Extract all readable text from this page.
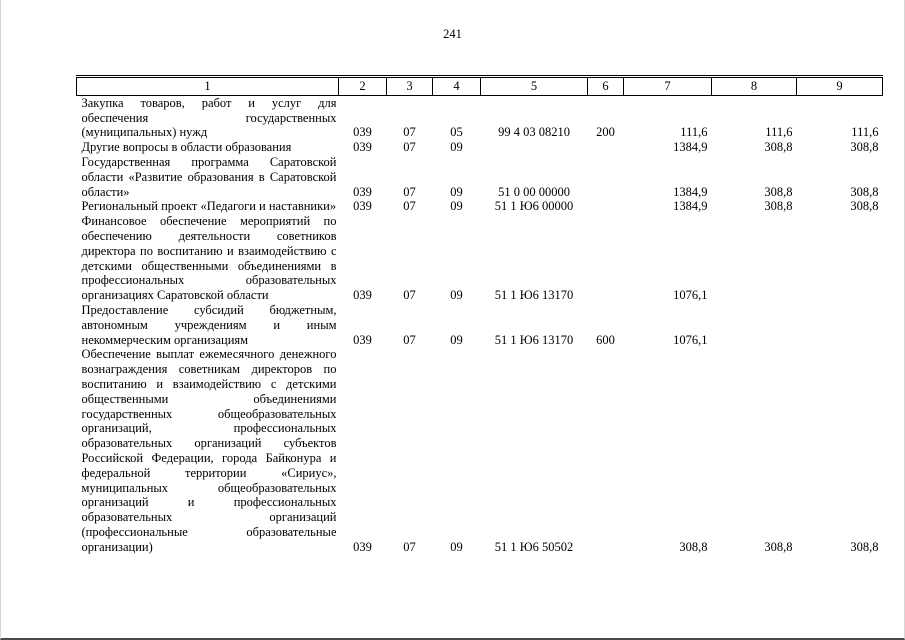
241
1	2	3	4	5	6	7	8	9
Закупка товаров, работ и услуг для обеспечения государственных (муниципальных) нужд	039	07	05	99 4 03 08210	200	111,6	111,6	111,6
Другие вопросы в области образования	039	07	09			1384,9	308,8	308,8
Государственная программа Саратовской области «Развитие образования в Саратовской области»	039	07	09	51 0 00 00000		1384,9	308,8	308,8
Региональный проект «Педагоги и наставники»	039	07	09	51 1 Ю6 00000		1384,9	308,8	308,8
Финансовое обеспечение мероприятий по обеспечению деятельности советников директора по воспитанию и взаимодействию с детскими общественными объединениями в профессиональных образовательных организациях Саратовской области	039	07	09	51 1 Ю6 13170		1076,1		
Предоставление субсидий бюджетным, автономным учреждениям и иным некоммерческим организациям	039	07	09	51 1 Ю6 13170	600	1076,1		
Обеспечение выплат ежемесячного денежного вознаграждения советникам директоров по воспитанию и взаимодействию с детскими общественными объединениями государственных общеобразовательных организаций, профессиональных образовательных организаций субъектов Российской Федерации, города Байконура и федеральной территории «Сириус», муниципальных общеобразовательных организаций и профессиональных образовательных организаций (профессиональные образовательные организации)	039	07	09	51 1 Ю6 50502		308,8	308,8	308,8
